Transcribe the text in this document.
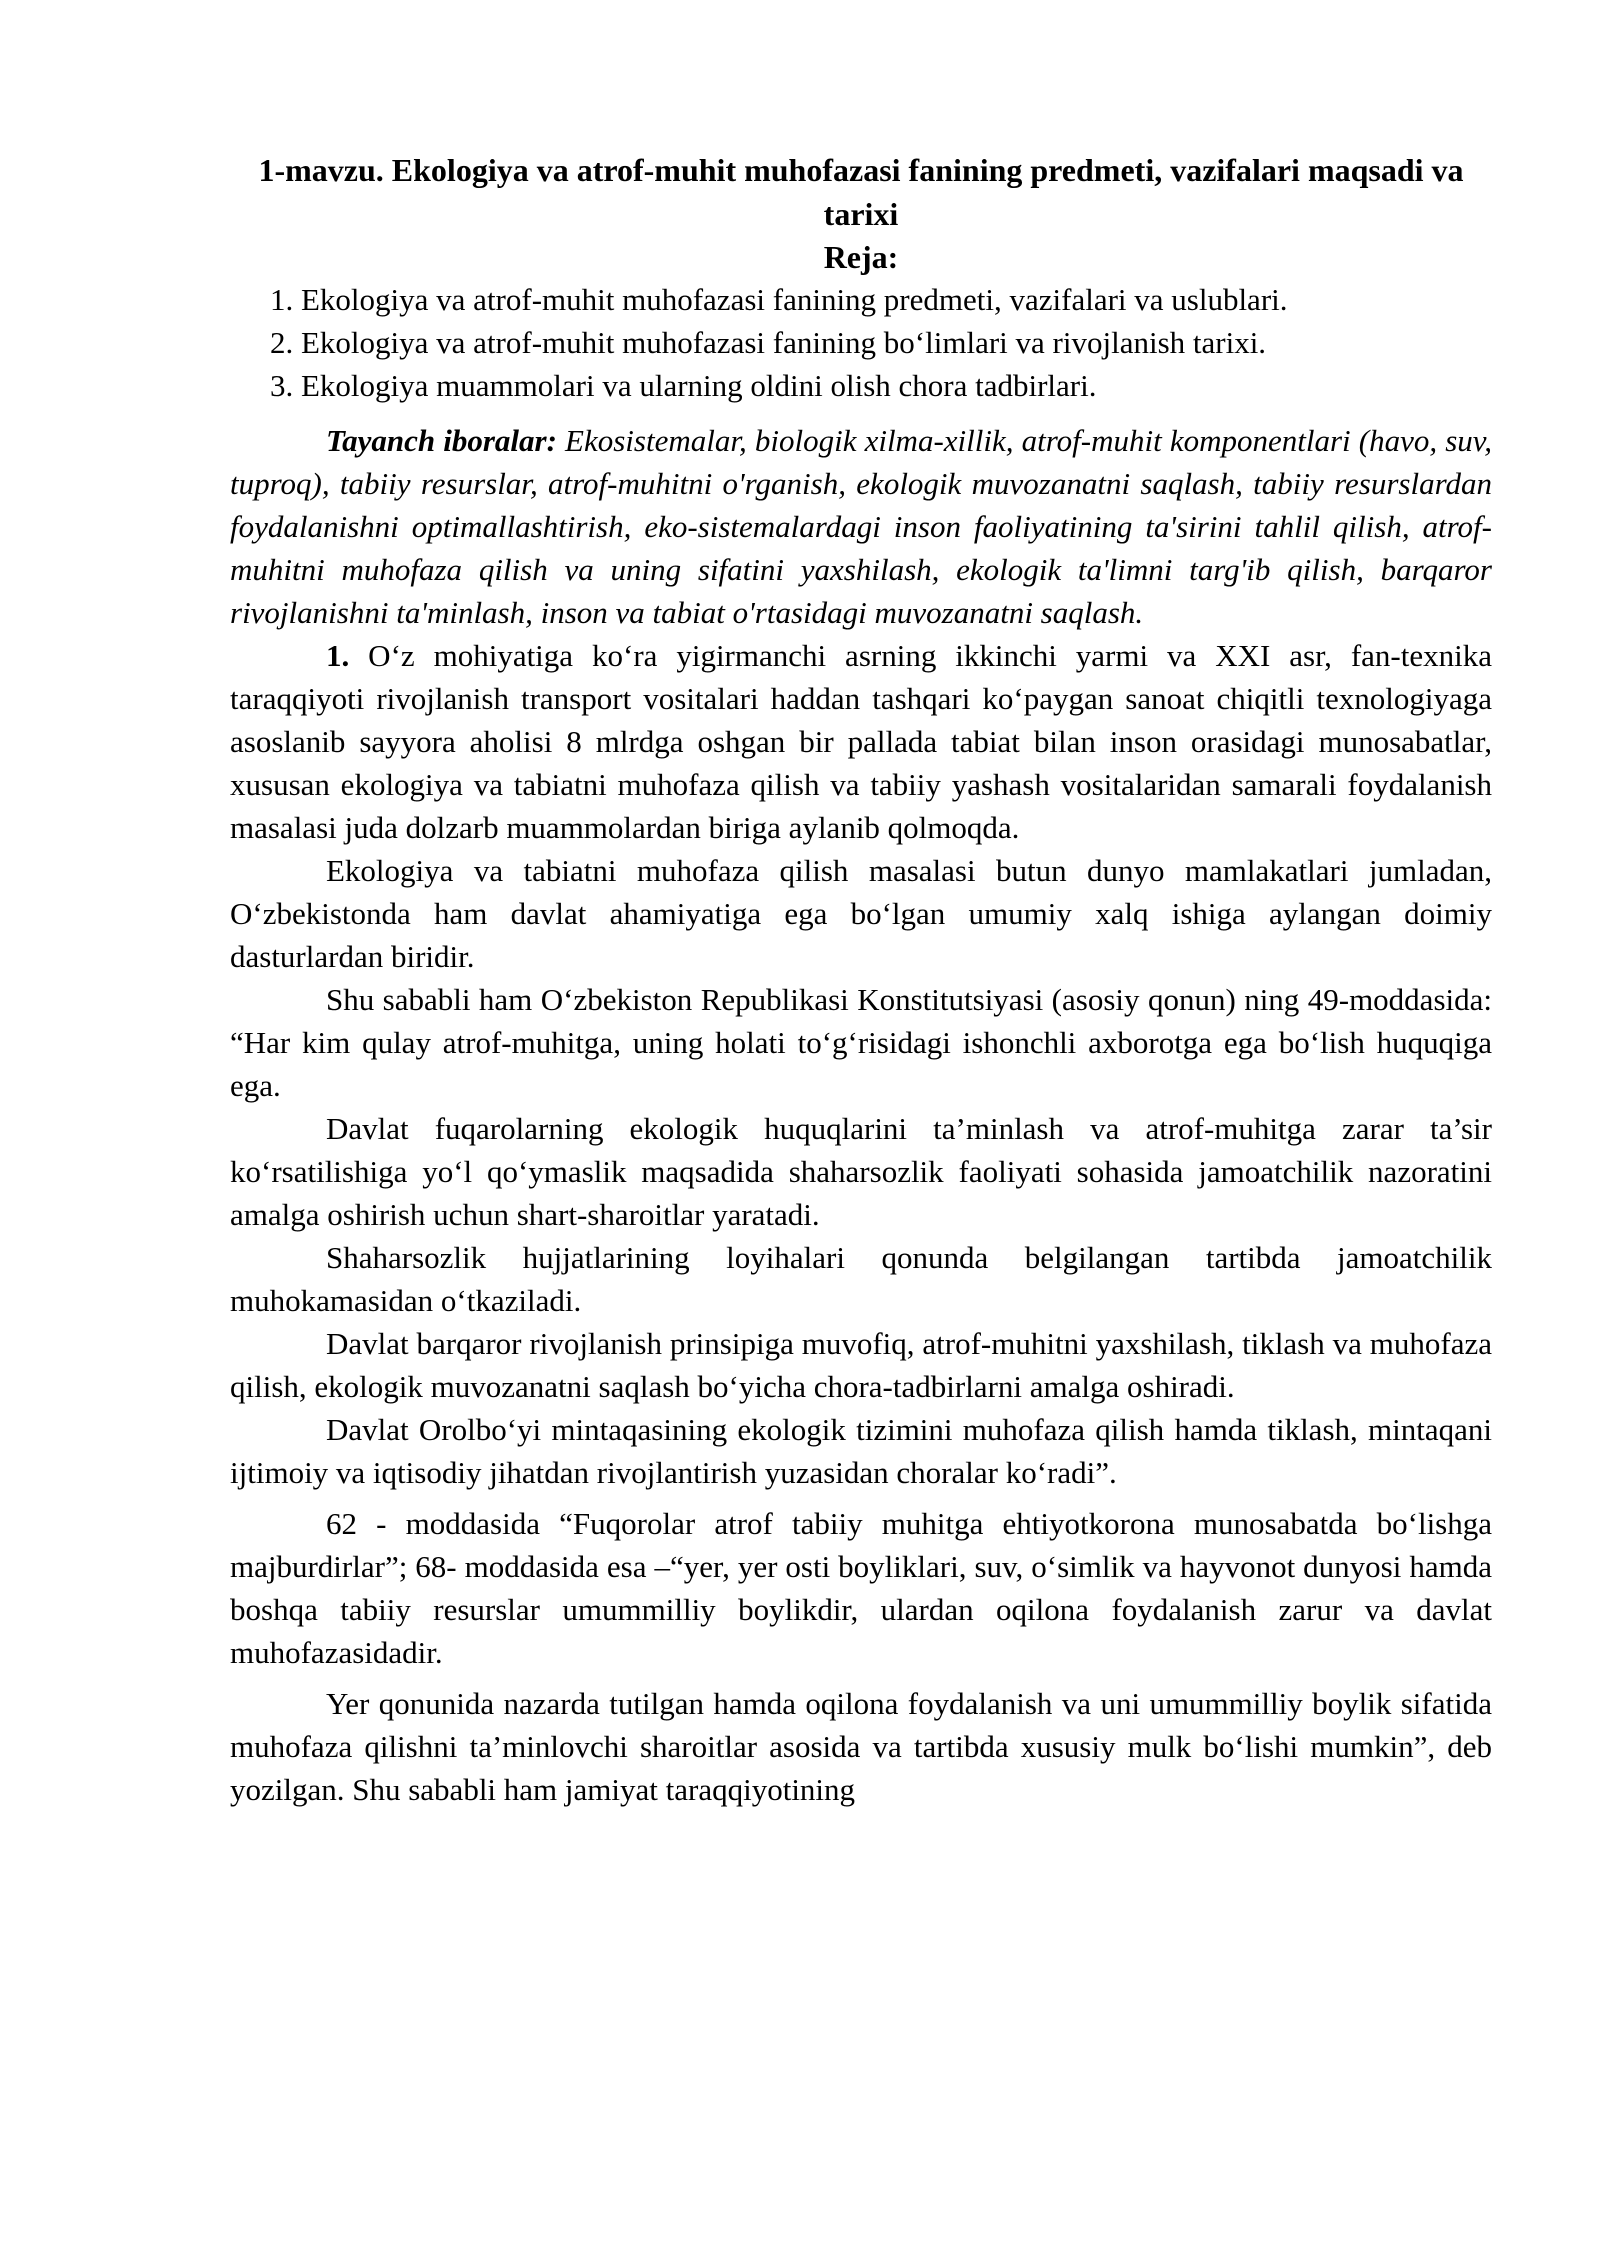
1-mavzu. Ekologiya va atrof-muhit muhofazasi fanining predmeti, vazifalari maqsadi va tarixi
Reja:
1. Ekologiya va atrof-muhit muhofazasi fanining predmeti, vazifalari va uslublari.
2. Ekologiya va atrof-muhit muhofazasi fanining bo‘limlari va rivojlanish tarixi.
3. Ekologiya muammolari va ularning oldini olish chora tadbirlari.

Tayanch iboralar: Ekosistemalar, biologik xilma-xillik, atrof-muhit komponentlari (havo, suv, tuproq), tabiiy resurslar, atrof-muhitni o'rganish, ekologik muvozanatni saqlash, tabiiy resurslardan foydalanishni optimallashtirish, eko-sistemalardagi inson faoliyatining ta'sirini tahlil qilish, atrof-muhitni muhofaza qilish va uning sifatini yaxshilash, ekologik ta'limni targ'ib qilish, barqaror rivojlanishni ta'minlash, inson va tabiat o'rtasidagi muvozanatni saqlash.

1. O‘z mohiyatiga ko‘ra yigirmanchi asrning ikkinchi yarmi va XXI asr, fan-texnika taraqqiyoti rivojlanish transport vositalari haddan tashqari ko‘paygan sanoat chiqitli texnologiyaga asoslanib sayyora aholisi 8 mlrdga oshgan bir pallada tabiat bilan inson orasidagi munosabatlar, xususan ekologiya va tabiatni muhofaza qilish va tabiiy yashash vositalaridan samarali foydalanish masalasi juda dolzarb muammolardan biriga aylanib qolmoqda.

Ekologiya va tabiatni muhofaza qilish masalasi butun dunyo mamlakatlari jumladan, O‘zbekistonda ham davlat ahamiyatiga ega bo‘lgan umumiy xalq ishiga aylangan doimiy dasturlardan biridir.

Shu sababli ham O‘zbekiston Republikasi Konstitutsiyasi (asosiy qonun) ning 49-moddasida: “Har kim qulay atrof-muhitga, uning holati to‘g‘risidagi ishonchli axborotga ega bo‘lish huquqiga ega.

Davlat fuqarolarning ekologik huquqlarini ta’minlash va atrof-muhitga zarar ta’sir ko‘rsatilishiga yo‘l qo‘ymaslik maqsadida shaharsozlik faoliyati sohasida jamoatchilik nazoratini amalga oshirish uchun shart-sharoitlar yaratadi.

Shaharsozlik hujjatlarining loyihalari qonunda belgilangan tartibda jamoatchilik muhokamasidan o‘tkaziladi.

Davlat barqaror rivojlanish prinsipiga muvofiq, atrof-muhitni yaxshilash, tiklash va muhofaza qilish, ekologik muvozanatni saqlash bo‘yicha chora-tadbirlarni amalga oshiradi.

Davlat Orolbo‘yi mintaqasining ekologik tizimini muhofaza qilish hamda tiklash, mintaqani ijtimoiy va iqtisodiy jihatdan rivojlantirish yuzasidan choralar ko‘radi”.

62 - moddasida “Fuqorolar atrof tabiiy muhitga ehtiyotkorona munosabatda bo‘lishga majburdirlar”; 68- moddasida esa –“yer, yer osti boyliklari, suv, o‘simlik va hayvonot dunyosi hamda boshqa tabiiy resurslar umummilliy boylikdir, ulardan oqilona foydalanish zarur va davlat muhofazasidadir.

Yer qonunida nazarda tutilgan hamda oqilona foydalanish va uni umummilliy boylik sifatida muhofaza qilishni ta’minlovchi sharoitlar asosida va tartibda xususiy mulk bo‘lishi mumkin”, deb yozilgan. Shu sababli ham jamiyat taraqqiyotining
